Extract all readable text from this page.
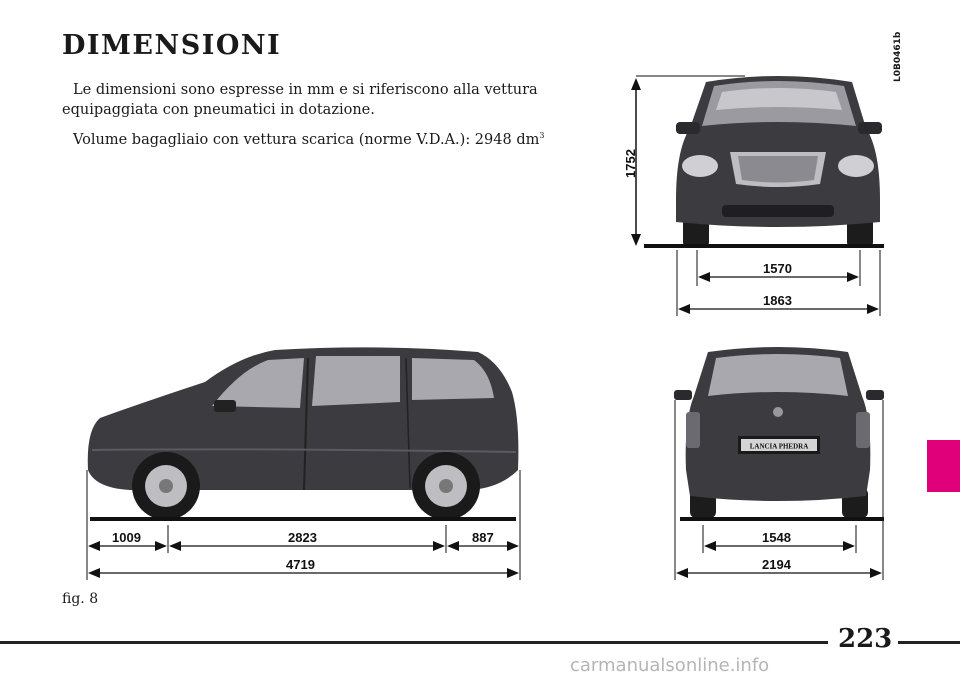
DIMENSIONI
Le dimensioni sono espresse in mm e si riferiscono alla vettura equipaggiata con pneumatici in dotazione.
Volume bagagliaio con vettura scarica (norme V.D.A.): 2948 $dm^3$
L0B0461b
1752
1570
1863
1009	2823	887
4719
LANCIA PHEDRA
1548
2194
fig. 8
223
carmanualsonline.info
